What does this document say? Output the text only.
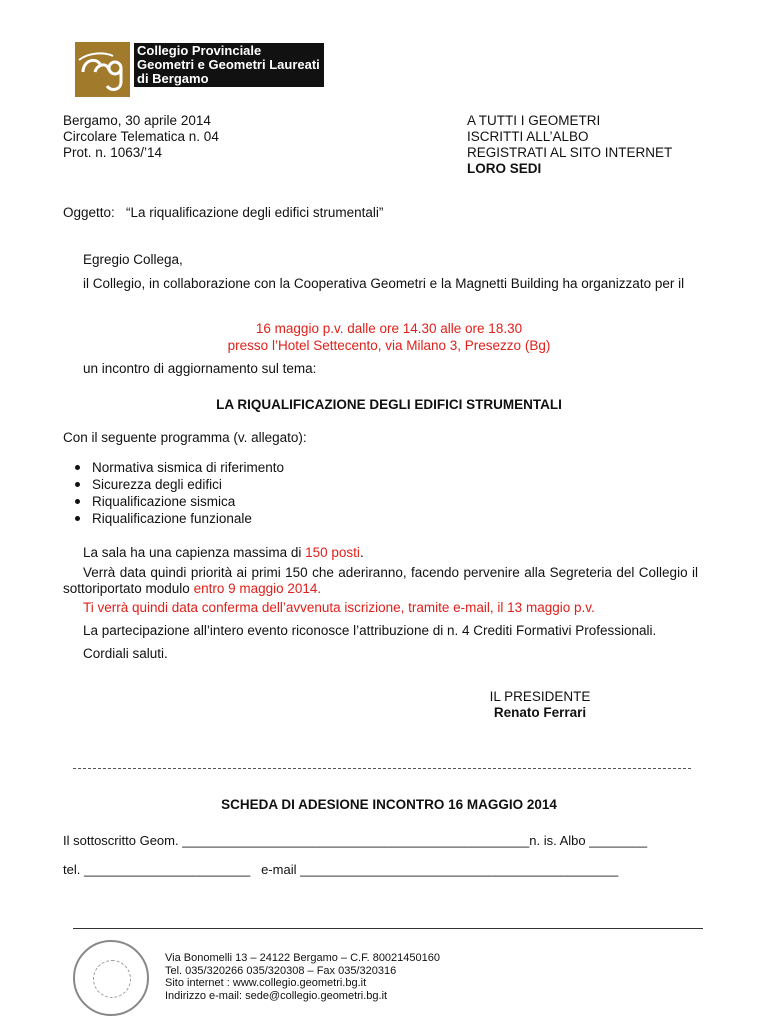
Collegio Provinciale
Geometri e Geometri Laureati
di Bergamo
Bergamo, 30 aprile 2014
Circolare Telematica n. 04
Prot. n. 1063/’14
A TUTTI I GEOMETRI
ISCRITTI ALL’ALBO
REGISTRATI AL SITO INTERNET
LORO SEDI
Oggetto:   “La riqualificazione degli edifici strumentali”
Egregio Collega,
il Collegio, in collaborazione con la Cooperativa Geometri e la Magnetti Building ha organizzato per il
16 maggio p.v. dalle ore 14.30 alle ore 18.30
presso l’Hotel Settecento, via Milano 3, Presezzo (Bg)
un incontro di aggiornamento sul tema:
LA RIQUALIFICAZIONE DEGLI EDIFICI STRUMENTALI
Con il seguente programma (v. allegato):
Normativa sismica di riferimento
Sicurezza degli edifici
Riqualificazione sismica
Riqualificazione funzionale
La sala ha una capienza massima di 150 posti.
Verrà data quindi priorità ai primi 150 che aderiranno, facendo pervenire alla Segreteria del Collegio il sottoriportato modulo entro 9 maggio 2014.
Ti verrà quindi data conferma dell’avvenuta iscrizione, tramite e-mail, il 13 maggio p.v.
La partecipazione all’intero evento riconosce l’attribuzione di n. 4 Crediti Formativi Professionali.
Cordiali saluti.
IL PRESIDENTE
Renato Ferrari
SCHEDA DI ADESIONE INCONTRO 16 MAGGIO 2014
Il sottoscritto Geom. ________________________________________________n. is. Albo ________
tel. _______________________   e-mail ____________________________________________
Via Bonomelli 13 – 24122 Bergamo – C.F. 80021450160
Tel. 035/320266 035/320308 – Fax 035/320316
Sito internet : www.collegio.geometri.bg.it
Indirizzo e-mail: sede@collegio.geometri.bg.it
